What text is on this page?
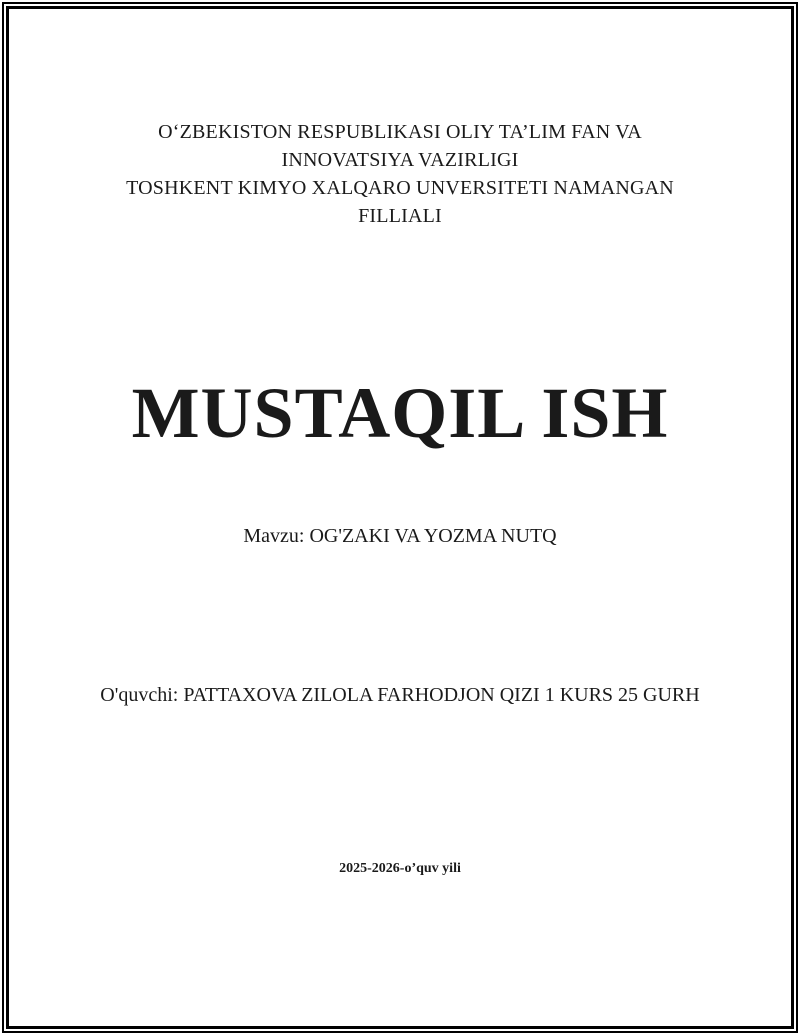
O‘ZBEKISTON RESPUBLIKASI OLIY TA’LIM FAN VA
INNOVATSIYA VAZIRLIGI
TOSHKENT KIMYO XALQARO UNVERSITETI NAMANGAN
FILLIALI
MUSTAQIL ISH
Mavzu: OG'ZAKI VA YOZMA NUTQ
O'quvchi: PATTAXOVA ZILOLA FARHODJON QIZI 1 KURS 25 GURH
2025-2026-o’quv yili
